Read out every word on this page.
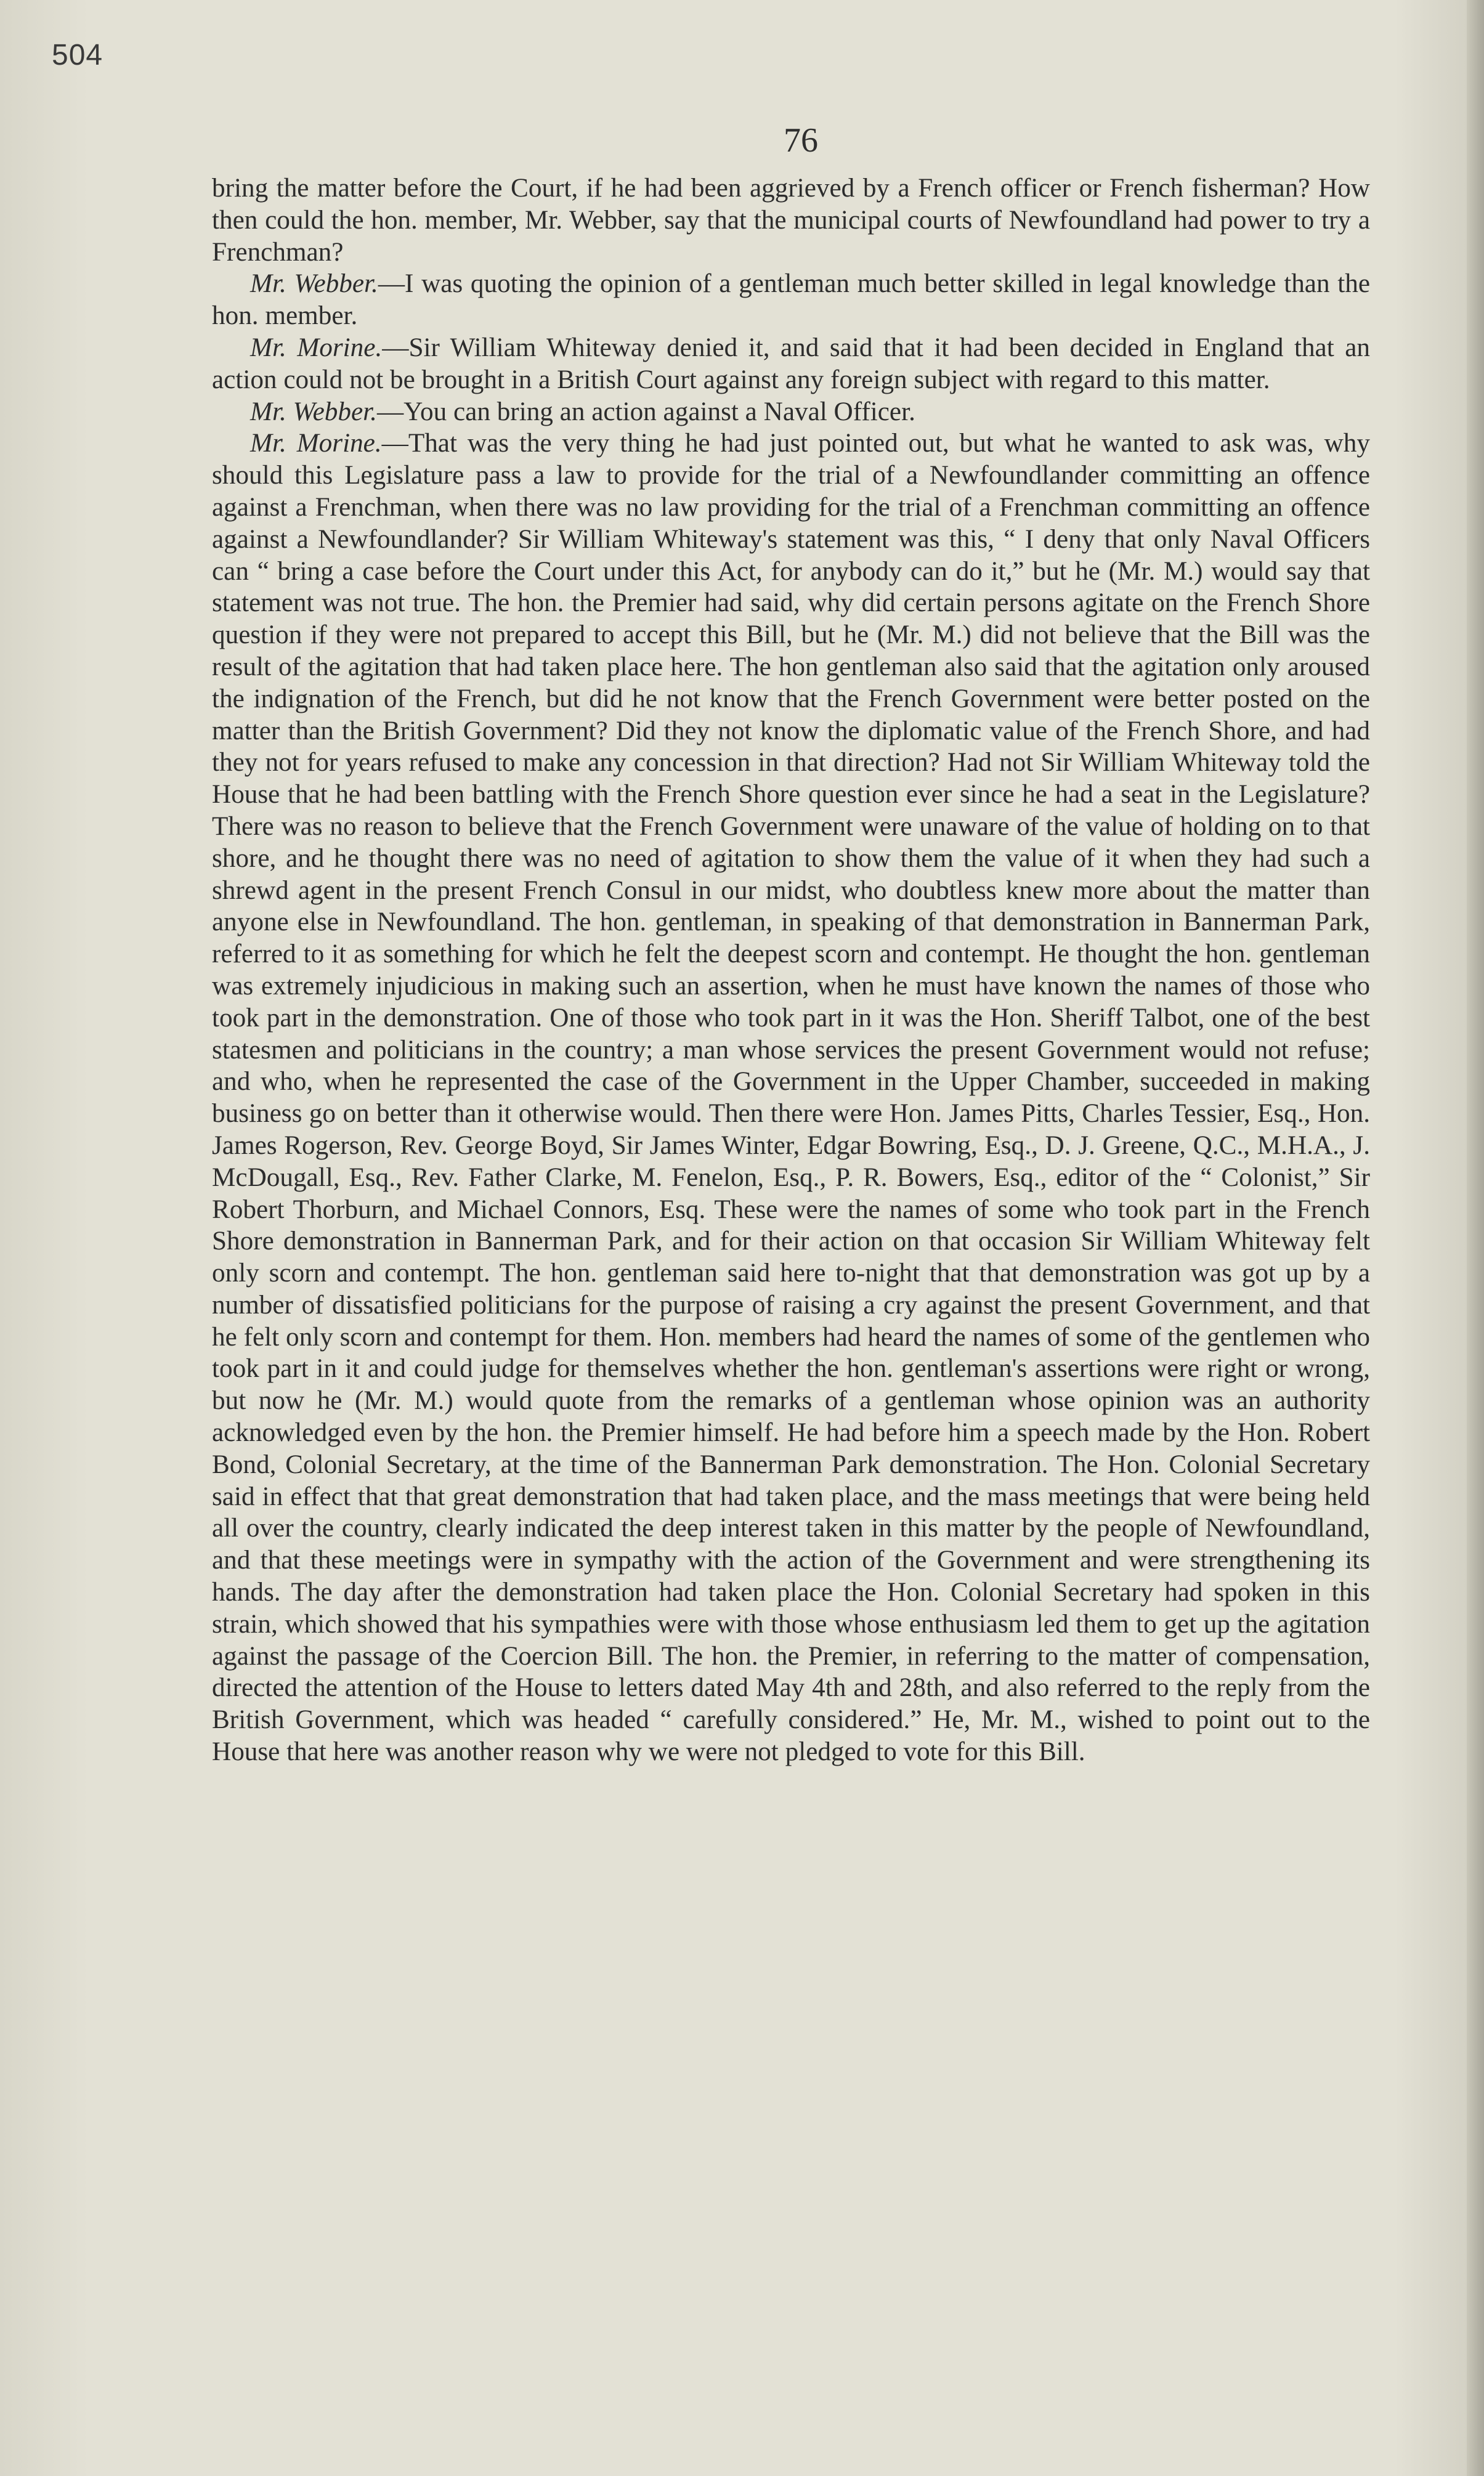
504
76

bring the matter before the Court, if he had been aggrieved by a French officer or French fisherman? How then could the hon. member, Mr. Webber, say that the municipal courts of Newfoundland had power to try a Frenchman?

Mr. Webber.—I was quoting the opinion of a gentleman much better skilled in legal knowledge than the hon. member.

Mr. Morine.—Sir William Whiteway denied it, and said that it had been decided in England that an action could not be brought in a British Court against any foreign subject with regard to this matter.

Mr. Webber.—You can bring an action against a Naval Officer.

Mr. Morine.—That was the very thing he had just pointed out, but what he wanted to ask was, why should this Legislature pass a law to provide for the trial of a Newfoundlander committing an offence against a Frenchman, when there was no law providing for the trial of a Frenchman committing an offence against a Newfoundlander? Sir William Whiteway's statement was this, “ I deny that only Naval Officers can “ bring a case before the Court under this Act, for anybody can do it,” but he (Mr. M.) would say that statement was not true. The hon. the Premier had said, why did certain persons agitate on the French Shore question if they were not prepared to accept this Bill, but he (Mr. M.) did not believe that the Bill was the result of the agitation that had taken place here. The hon gentleman also said that the agitation only aroused the indignation of the French, but did he not know that the French Government were better posted on the matter than the British Government? Did they not know the diplomatic value of the French Shore, and had they not for years refused to make any concession in that direction? Had not Sir William Whiteway told the House that he had been battling with the French Shore question ever since he had a seat in the Legislature? There was no reason to believe that the French Government were unaware of the value of holding on to that shore, and he thought there was no need of agitation to show them the value of it when they had such a shrewd agent in the present French Consul in our midst, who doubtless knew more about the matter than anyone else in Newfoundland. The hon. gentleman, in speaking of that demonstration in Bannerman Park, referred to it as something for which he felt the deepest scorn and contempt. He thought the hon. gentleman was extremely injudicious in making such an assertion, when he must have known the names of those who took part in the demonstration. One of those who took part in it was the Hon. Sheriff Talbot, one of the best statesmen and politicians in the country; a man whose services the present Government would not refuse; and who, when he represented the case of the Government in the Upper Chamber, succeeded in making business go on better than it otherwise would. Then there were Hon. James Pitts, Charles Tessier, Esq., Hon. James Rogerson, Rev. George Boyd, Sir James Winter, Edgar Bowring, Esq., D. J. Greene, Q.C., M.H.A., J. McDougall, Esq., Rev. Father Clarke, M. Fenelon, Esq., P. R. Bowers, Esq., editor of the “ Colonist,” Sir Robert Thorburn, and Michael Connors, Esq. These were the names of some who took part in the French Shore demonstration in Bannerman Park, and for their action on that occasion Sir William Whiteway felt only scorn and contempt. The hon. gentleman said here to-night that that demonstration was got up by a number of dissatisfied politicians for the purpose of raising a cry against the present Government, and that he felt only scorn and contempt for them. Hon. members had heard the names of some of the gentlemen who took part in it and could judge for themselves whether the hon. gentleman's assertions were right or wrong, but now he (Mr. M.) would quote from the remarks of a gentleman whose opinion was an authority acknowledged even by the hon. the Premier himself. He had before him a speech made by the Hon. Robert Bond, Colonial Secretary, at the time of the Bannerman Park demonstration. The Hon. Colonial Secretary said in effect that that great demonstration that had taken place, and the mass meetings that were being held all over the country, clearly indicated the deep interest taken in this matter by the people of Newfoundland, and that these meetings were in sympathy with the action of the Government and were strengthening its hands. The day after the demonstration had taken place the Hon. Colonial Secretary had spoken in this strain, which showed that his sympathies were with those whose enthusiasm led them to get up the agitation against the passage of the Coercion Bill. The hon. the Premier, in referring to the matter of compensation, directed the attention of the House to letters dated May 4th and 28th, and also referred to the reply from the British Government, which was headed “ carefully considered.” He, Mr. M., wished to point out to the House that here was another reason why we were not pledged to vote for this Bill.
